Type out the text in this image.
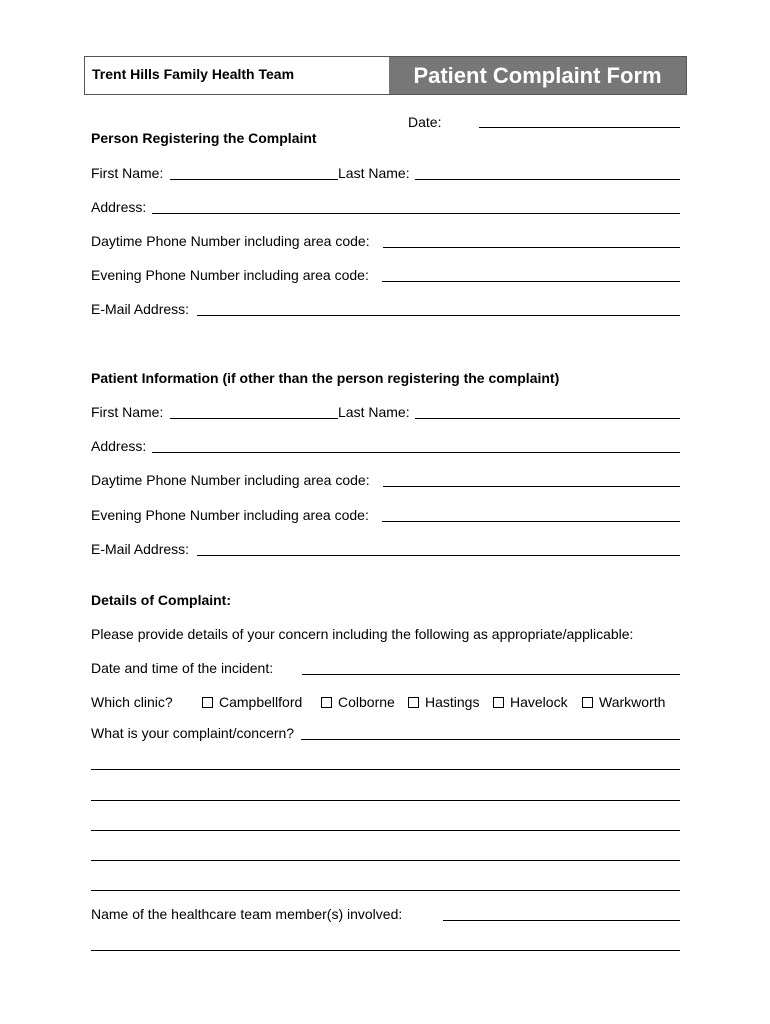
Trent Hills Family Health Team	Patient Complaint Form
Date:
Person Registering the Complaint
First Name:	Last Name:
Address:
Daytime Phone Number including area code:
Evening Phone Number including area code:
E-Mail Address:
Patient Information (if other than the person registering the complaint)
First Name:	Last Name:
Address:
Daytime Phone Number including area code:
Evening Phone Number including area code:
E-Mail Address:
Details of Complaint:
Please provide details of your concern including the following as appropriate/applicable:
Date and time of the incident:
Which clinic?	Campbellford	Colborne Hastings Havelock Warkworth
What is your complaint/concern?
Name of the healthcare team member(s) involved:
